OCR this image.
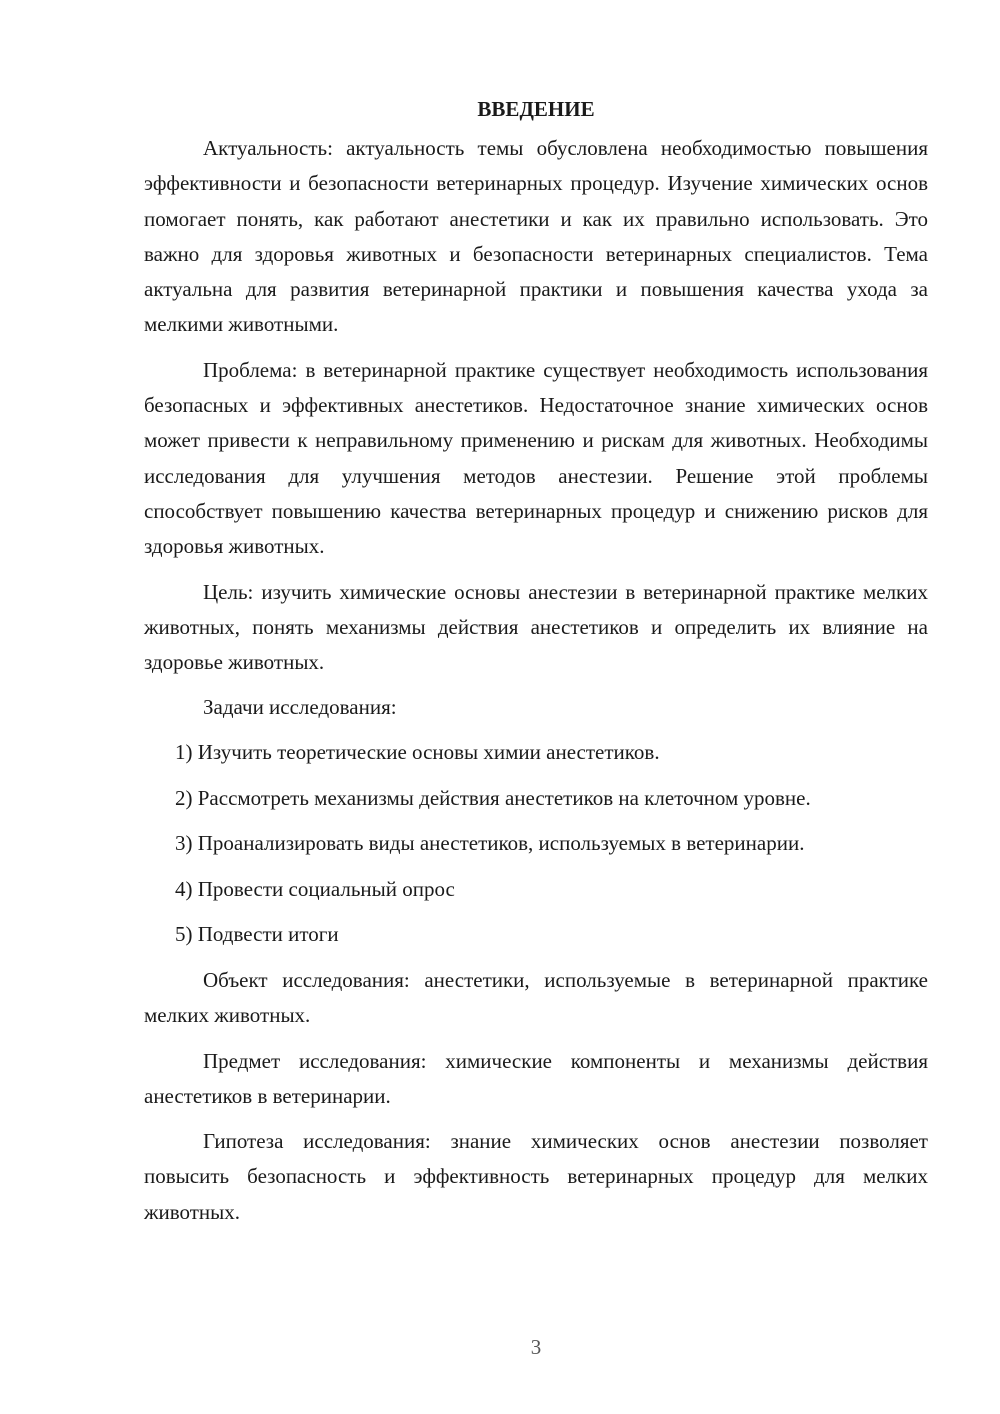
ВВЕДЕНИЕ

Актуальность: актуальность темы обусловлена необходимостью повышения эффективности и безопасности ветеринарных процедур. Изучение химических основ помогает понять, как работают анестетики и как их правильно использовать. Это важно для здоровья животных и безопасности ветеринарных специалистов. Тема актуальна для развития ветеринарной практики и повышения качества ухода за мелкими животными.

Проблема: в ветеринарной практике существует необходимость использования безопасных и эффективных анестетиков. Недостаточное знание химических основ может привести к неправильному применению и рискам для животных. Необходимы исследования для улучшения методов анестезии. Решение этой проблемы способствует повышению качества ветеринарных процедур и снижению рисков для здоровья животных.

Цель: изучить химические основы анестезии в ветеринарной практике мелких животных, понять механизмы действия анестетиков и определить их влияние на здоровье животных.

Задачи исследования:

1) Изучить теоретические основы химии анестетиков.
2) Рассмотреть механизмы действия анестетиков на клеточном уровне.
3) Проанализировать виды анестетиков, используемых в ветеринарии.
4) Провести социальный опрос
5) Подвести итоги

Объект исследования: анестетики, используемые в ветеринарной практике мелких животных.

Предмет исследования: химические компоненты и механизмы действия анестетиков в ветеринарии.

Гипотеза исследования: знание химических основ анестезии позволяет повысить безопасность и эффективность ветеринарных процедур для мелких животных.

3
